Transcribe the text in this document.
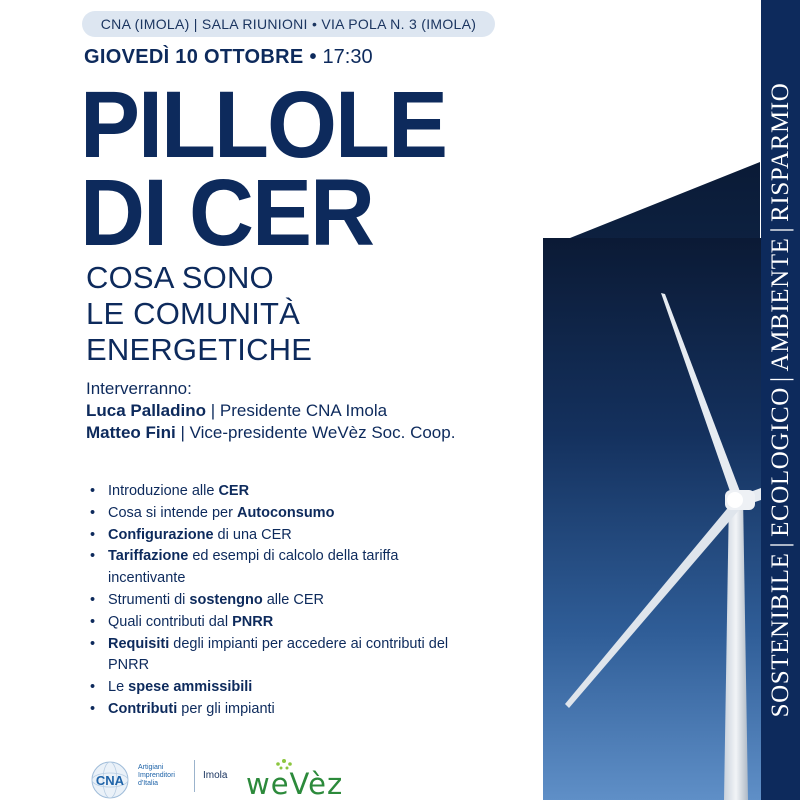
CNA (IMOLA) | SALA RIUNIONI • VIA POLA N. 3 (IMOLA)
GIOVEDÌ 10 OTTOBRE • 17:30
PILLOLE
DI CER
COSA SONO
LE COMUNITÀ
ENERGETICHE
Interverranno:
Luca Palladino | Presidente CNA Imola
Matteo Fini | Vice-presidente WeVèz Soc. Coop.
• Introduzione alle CER
• Cosa si intende per Autoconsumo
• Configurazione di una CER
• Tariffazione ed esempi di calcolo della tariffa incentivante
• Strumenti di sostengno alle CER
• Quali contributi dal PNRR
• Requisiti degli impianti per accedere ai contributi del PNRR
• Le spese ammissibili
• Contributi per gli impianti	SOSTENIBILE|ECOLOGICO|AMBIENTE|RISPARMIO
CNA
Artigiani
Imprenditori
d'Italia
Imola weVèz
